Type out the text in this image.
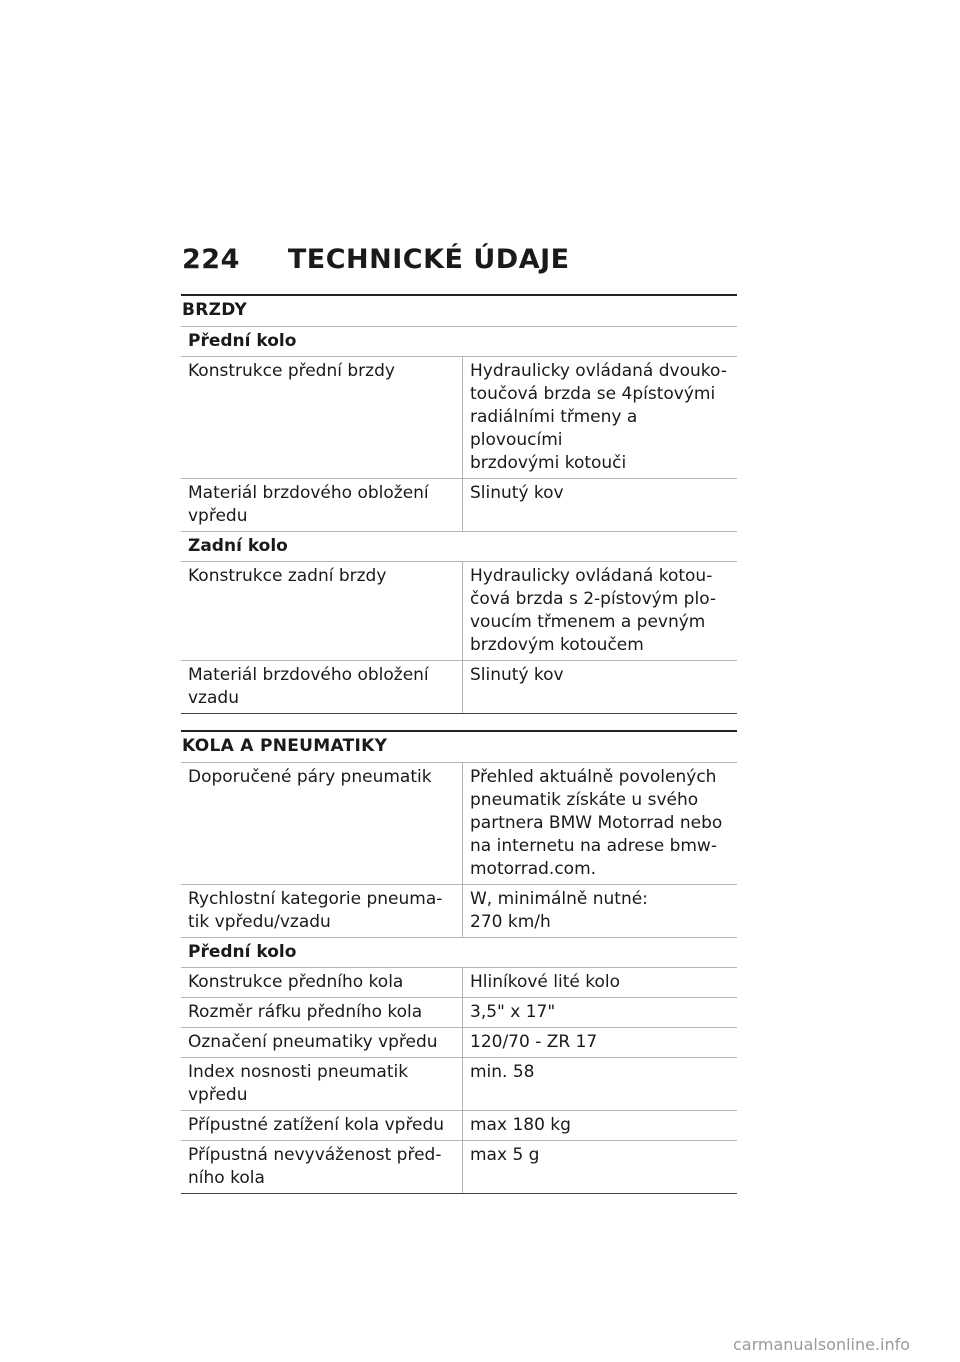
224 TECHNICKÉ ÚDAJE
BRZDY
Přední kolo	
Konstrukce přední brzdy	Hydraulicky ovládaná dvouko-
toučová brzda se 4pístovými
radiálními třmeny a plovoucími
brzdovými kotouči
Materiál brzdového obložení
vpředu	Slinutý kov
Zadní kolo	
Konstrukce zadní brzdy	Hydraulicky ovládaná kotou-
čová brzda s 2-pístovým plo-
voucím třmenem a pevným
brzdovým kotoučem
Materiál brzdového obložení
vzadu	Slinutý kov
KOLA A PNEUMATIKY
Doporučené páry pneumatik	Přehled aktuálně povolených
pneumatik získáte u svého
partnera BMW Motorrad nebo
na internetu na adrese bmw-
motorrad.com.
Rychlostní kategorie pneuma-
tik vpředu/vzadu	W, minimálně nutné:
270 km/h
Přední kolo	
Konstrukce předního kola	Hliníkové lité kolo
Rozměr ráfku předního kola	3,5" x 17"
Označení pneumatiky vpředu	120/70 - ZR 17
Index nosnosti pneumatik
vpředu	min. 58
Přípustné zatížení kola vpředu	max 180 kg
Přípustná nevyváženost před-
ního kola	max 5 g
carmanualsonline.info
